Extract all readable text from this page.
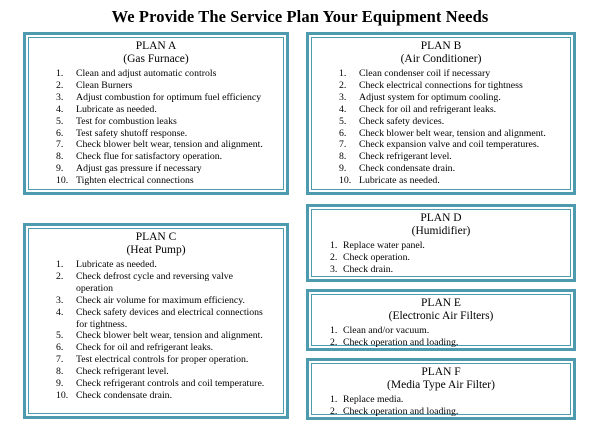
We Provide The Service Plan Your Equipment Needs
PLAN A
(Gas Furnace)
1. Clean and adjust automatic controls
2. Clean Burners
3. Adjust combustion for optimum fuel efficiency
4. Lubricate as needed.
5. Test for combustion leaks
6. Test safety shutoff response.
7. Check blower belt wear, tension and alignment.
8. Check flue for satisfactory operation.
9. Adjust gas pressure if necessary
10. Tighten electrical connections
PLAN B
(Air Conditioner)
1. Clean condenser coil if necessary
2. Check electrical connections for tightness
3. Adjust system for optimum cooling.
4. Check for oil and refrigerant leaks.
5. Check safety devices.
6. Check blower belt wear, tension and alignment.
7. Check expansion valve and coil temperatures.
8. Check refrigerant level.
9. Check condensate drain.
10. Lubricate as needed.
PLAN C
(Heat Pump)
1. Lubricate as needed.
2. Check defrost cycle and reversing valve
operation
3. Check air volume for maximum efficiency.
4. Check safety devices and electrical connections
for tightness.
5. Check blower belt wear, tension and alignment.
6. Check for oil and refrigerant leaks.
7. Test electrical controls for proper operation.
8. Check refrigerant level.
9. Check refrigerant controls and coil temperature.
10. Check condensate drain.
PLAN D
(Humidifier)
1. Replace water panel.
2. Check operation.
3. Check drain.
PLAN E
(Electronic Air Filters)
1. Clean and/or vacuum.
2. Check operation and loading.
PLAN F
(Media Type Air Filter)
1. Replace media.
2. Check operation and loading.
